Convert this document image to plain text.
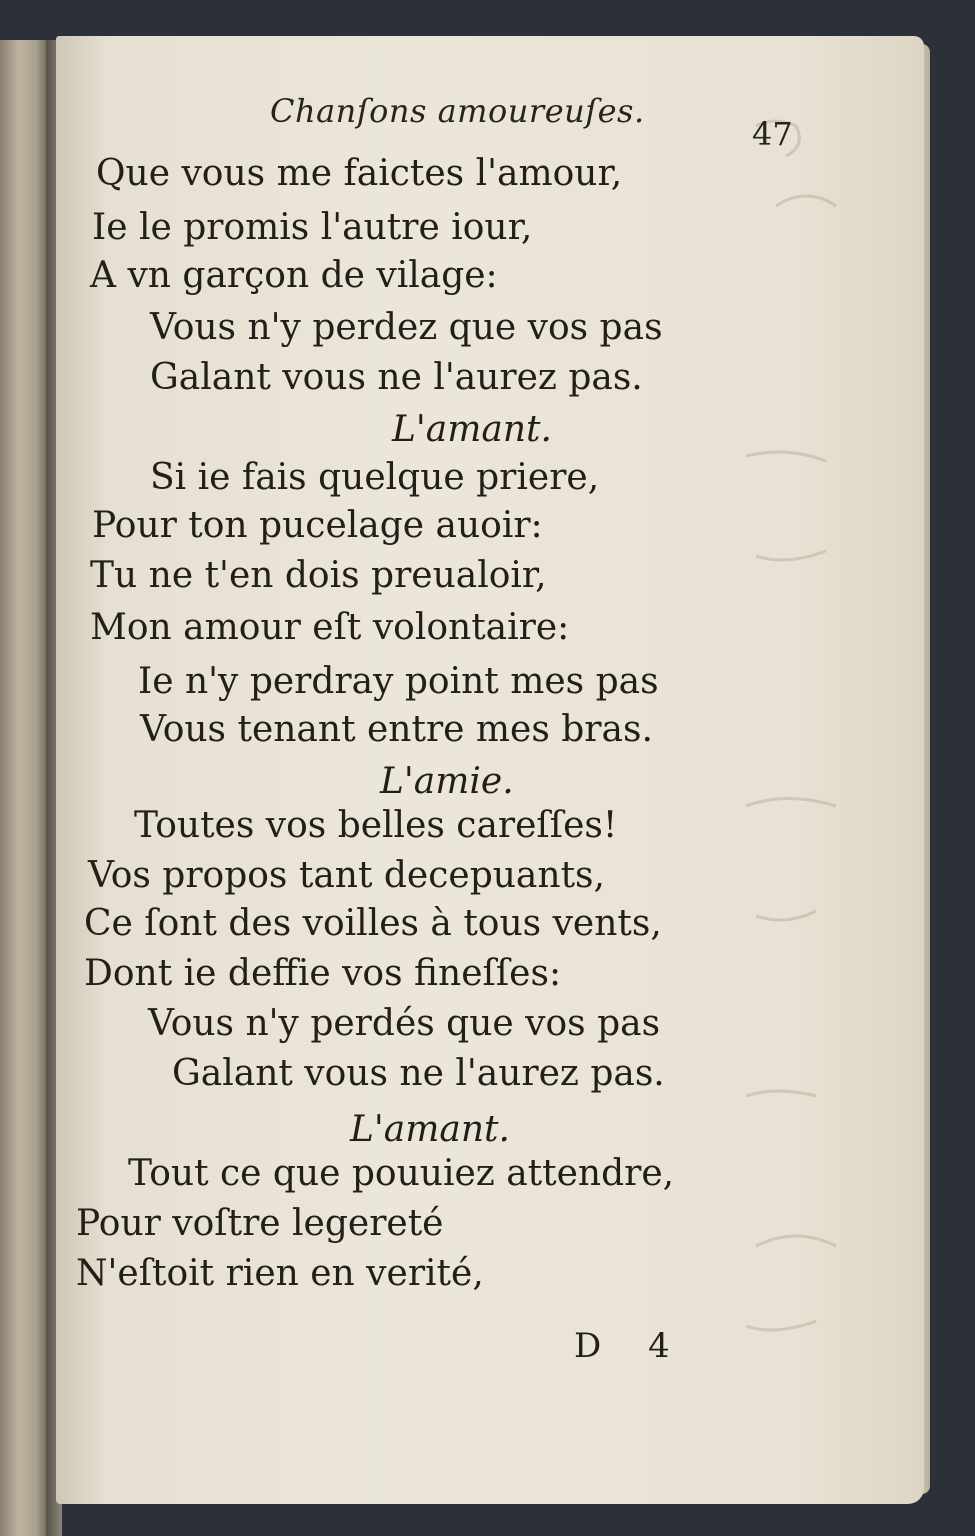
Chanſons amoureuſes.
47
Que vous me faictes l'amour,
Ie le promis l'autre iour,
A vn garçon de vilage:
Vous n'y perdez que vos pas
Galant vous ne l'aurez pas.
L'amant.
Si ie fais quelque priere,
Pour ton pucelage auoir:
Tu ne t'en dois preualoir,
Mon amour eſt volontaire:
Ie n'y perdray point mes pas
Vous tenant entre mes bras.
L'amie.
Toutes vos belles careſſes!
Vos propos tant decepuants,
Ce ſont des voilles à tous vents,
Dont ie deffie vos fineſſes:
Vous n'y perdés que vos pas
Galant vous ne l'aurez pas.
L'amant.
Tout ce que pouuiez attendre,
Pour voſtre legereté
N'eſtoit rien en verité,
D 4
